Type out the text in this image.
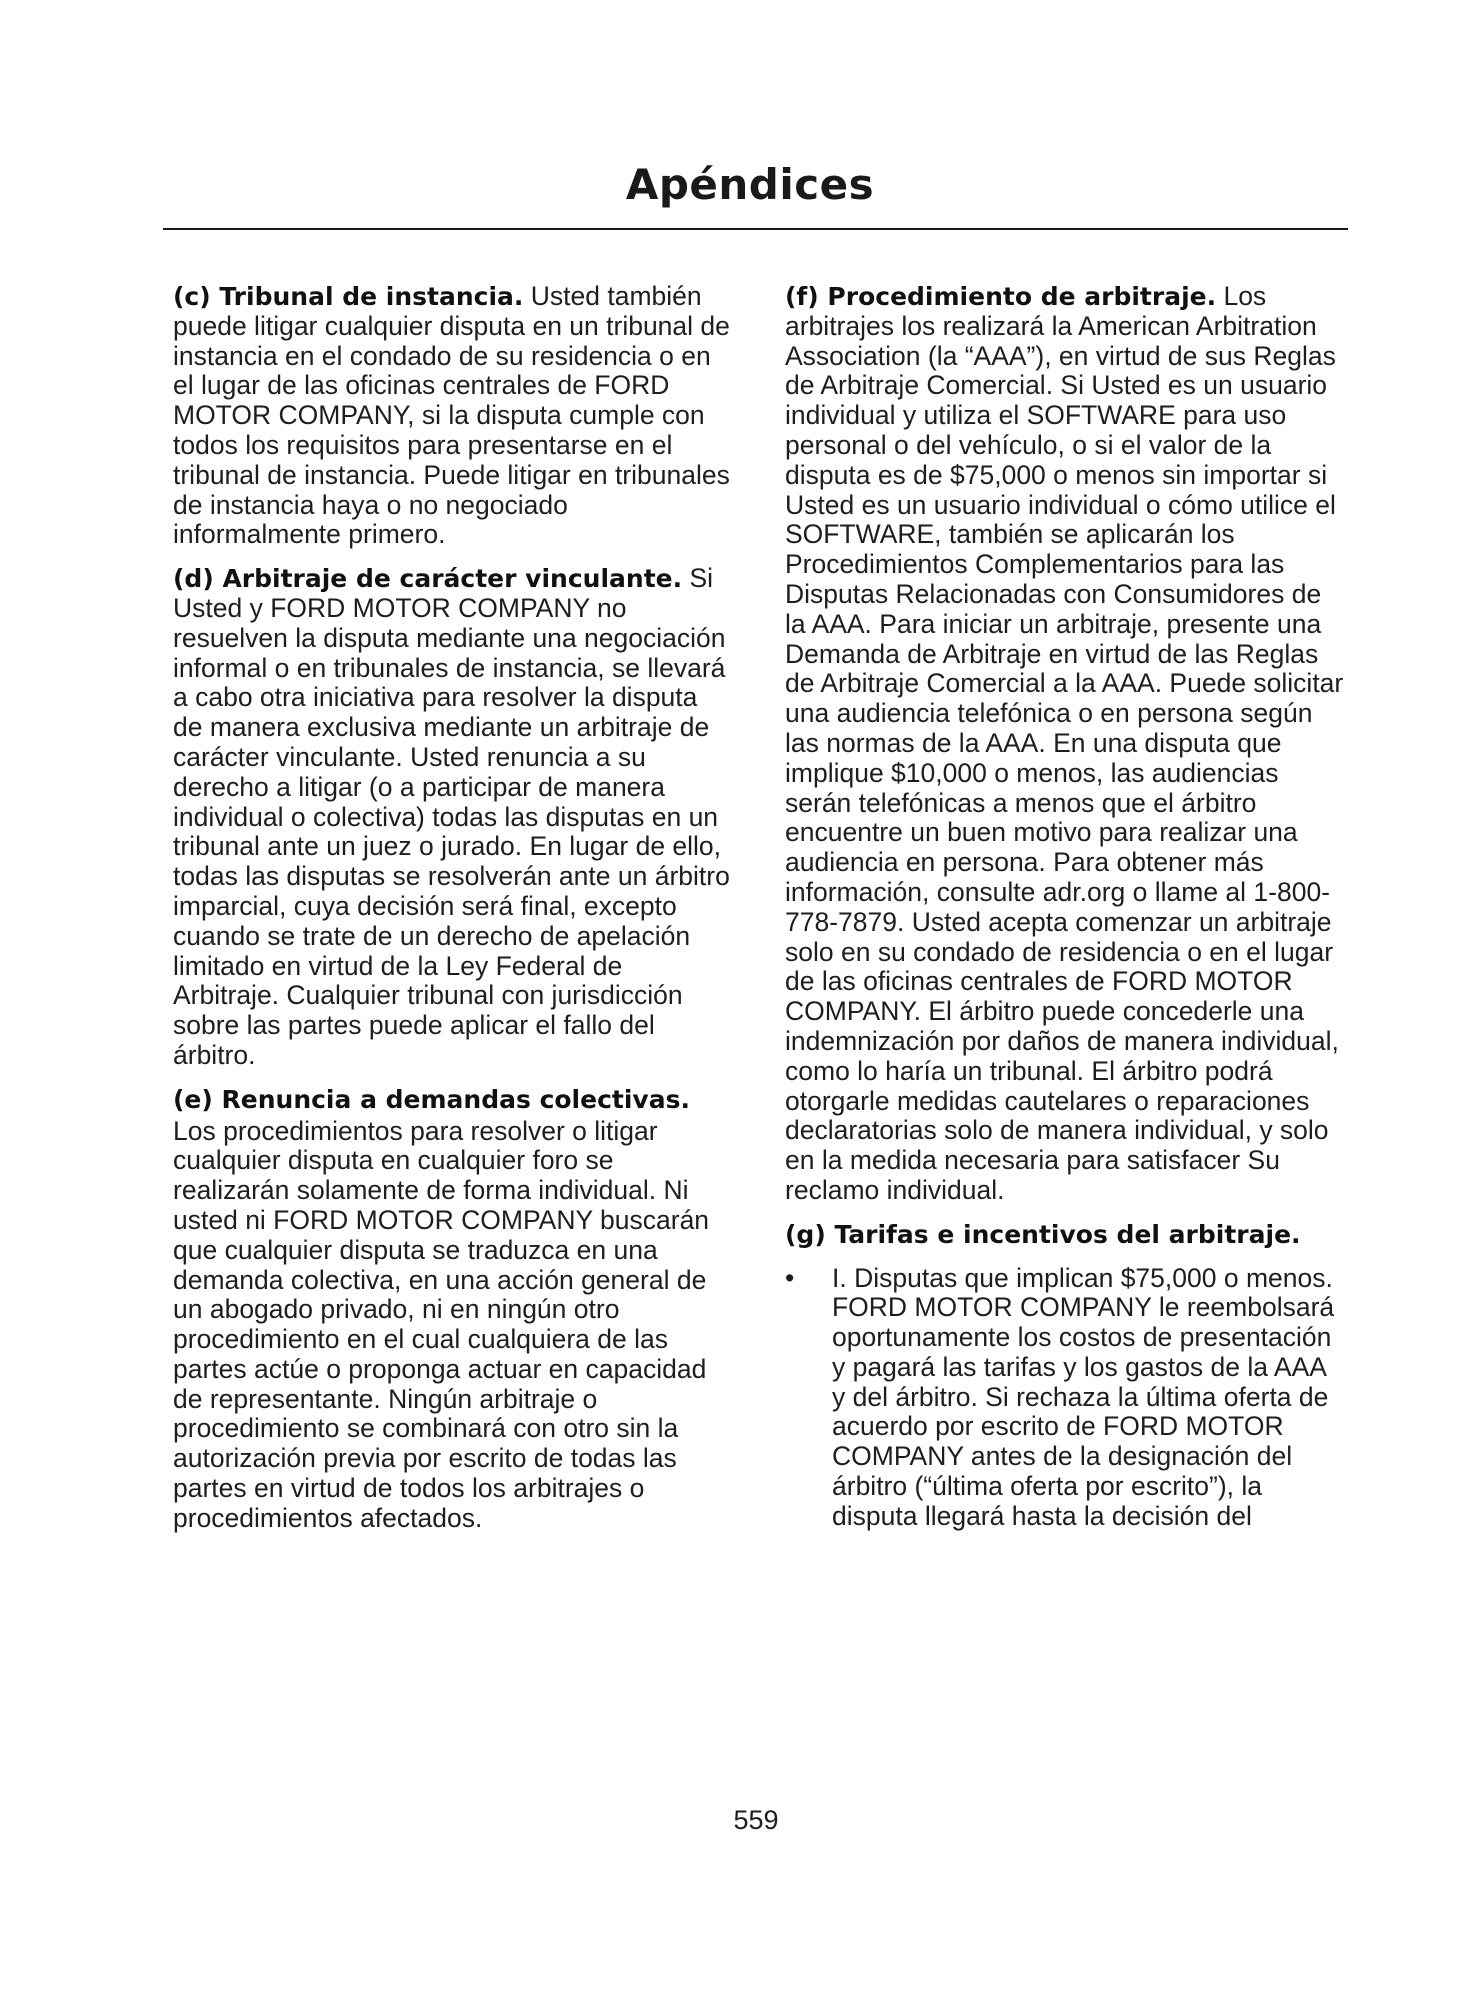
Apéndices

(c) Tribunal de instancia. Usted también puede litigar cualquier disputa en un tribunal de instancia en el condado de su residencia o en el lugar de las oficinas centrales de FORD MOTOR COMPANY, si la disputa cumple con todos los requisitos para presentarse en el tribunal de instancia. Puede litigar en tribunales de instancia haya o no negociado informalmente primero.

(d) Arbitraje de carácter vinculante. Si Usted y FORD MOTOR COMPANY no resuelven la disputa mediante una negociación informal o en tribunales de instancia, se llevará a cabo otra iniciativa para resolver la disputa de manera exclusiva mediante un arbitraje de carácter vinculante. Usted renuncia a su derecho a litigar (o a participar de manera individual o colectiva) todas las disputas en un tribunal ante un juez o jurado. En lugar de ello, todas las disputas se resolverán ante un árbitro imparcial, cuya decisión será final, excepto cuando se trate de un derecho de apelación limitado en virtud de la Ley Federal de Arbitraje. Cualquier tribunal con jurisdicción sobre las partes puede aplicar el fallo del árbitro.

(e) Renuncia a demandas colectivas.
Los procedimientos para resolver o litigar cualquier disputa en cualquier foro se realizarán solamente de forma individual. Ni usted ni FORD MOTOR COMPANY buscarán que cualquier disputa se traduzca en una demanda colectiva, en una acción general de un abogado privado, ni en ningún otro procedimiento en el cual cualquiera de las partes actúe o proponga actuar en capacidad de representante. Ningún arbitraje o procedimiento se combinará con otro sin la autorización previa por escrito de todas las partes en virtud de todos los arbitrajes o procedimientos afectados.

(f) Procedimiento de arbitraje. Los arbitrajes los realizará la American Arbitration Association (la “AAA”), en virtud de sus Reglas de Arbitraje Comercial. Si Usted es un usuario individual y utiliza el SOFTWARE para uso personal o del vehículo, o si el valor de la disputa es de $75,000 o menos sin importar si Usted es un usuario individual o cómo utilice el SOFTWARE, también se aplicarán los Procedimientos Complementarios para las Disputas Relacionadas con Consumidores de la AAA. Para iniciar un arbitraje, presente una Demanda de Arbitraje en virtud de las Reglas de Arbitraje Comercial a la AAA. Puede solicitar una audiencia telefónica o en persona según las normas de la AAA. En una disputa que implique $10,000 o menos, las audiencias serán telefónicas a menos que el árbitro encuentre un buen motivo para realizar una audiencia en persona. Para obtener más información, consulte adr.org o llame al 1-800-778-7879. Usted acepta comenzar un arbitraje solo en su condado de residencia o en el lugar de las oficinas centrales de FORD MOTOR COMPANY. El árbitro puede concederle una indemnización por daños de manera individual, como lo haría un tribunal. El árbitro podrá otorgarle medidas cautelares o reparaciones declaratorias solo de manera individual, y solo en la medida necesaria para satisfacer Su reclamo individual.

(g) Tarifas e incentivos del arbitraje.

•	I. Disputas que implican $75,000 o menos. FORD MOTOR COMPANY le reembolsará oportunamente los costos de presentación y pagará las tarifas y los gastos de la AAA y del árbitro. Si rechaza la última oferta de acuerdo por escrito de FORD MOTOR COMPANY antes de la designación del árbitro (“última oferta por escrito”), la disputa llegará hasta la decisión del
559
